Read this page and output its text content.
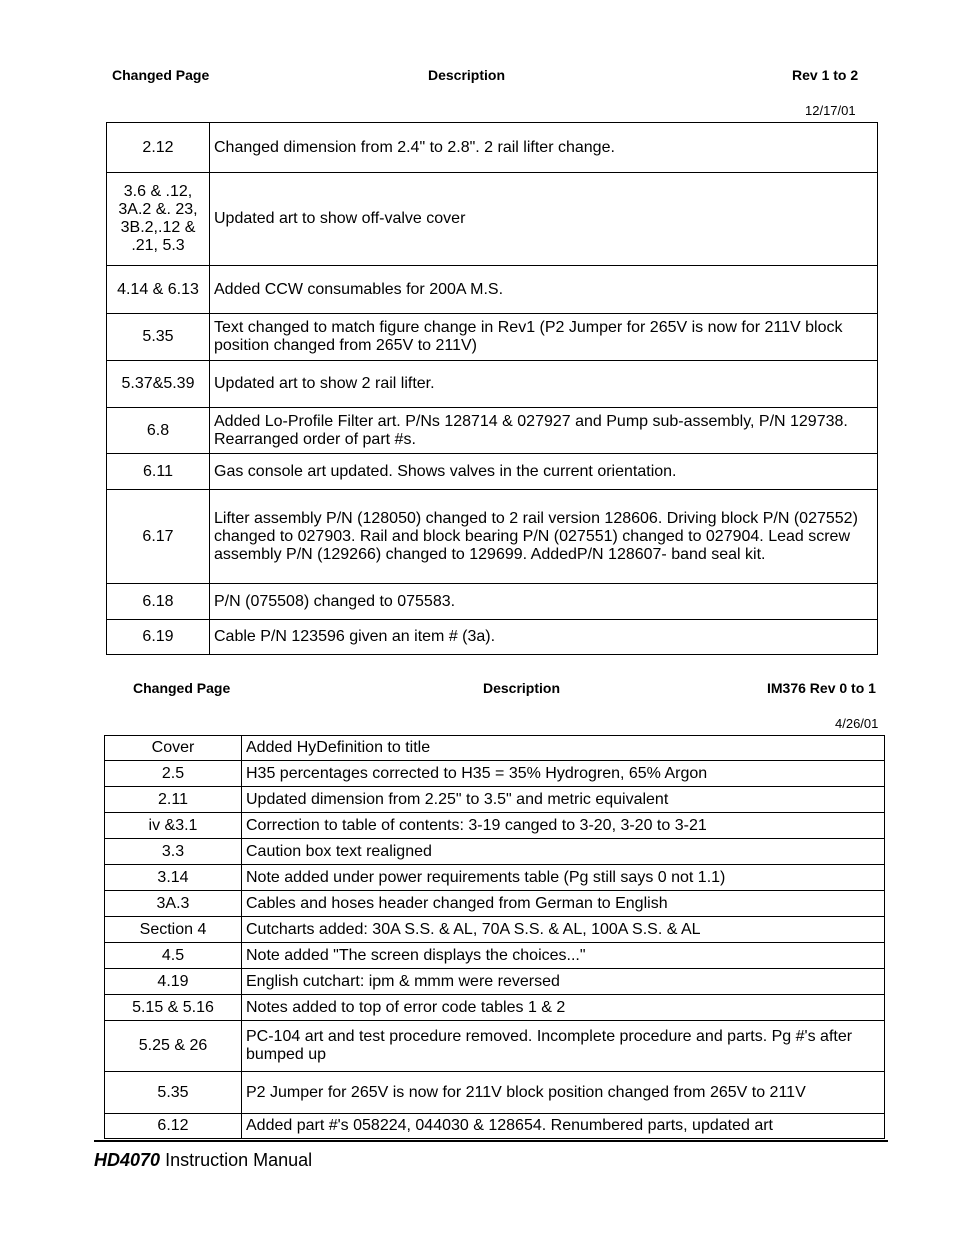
Changed Page	Description	Rev 1 to 2
12/17/01
2.12	Changed dimension from 2.4" to 2.8". 2 rail lifter change.
3.6 & .12, 3A.2 &. 23, 3B.2,.12 & .21, 5.3	Updated art to show off-valve cover
4.14 & 6.13	Added CCW consumables for 200A M.S.
5.35	Text changed to match figure change in Rev1 (P2 Jumper for 265V is now for 211V block position changed from 265V to 211V)
5.37&5.39	Updated art to show 2 rail lifter.
6.8	Added Lo-Profile Filter art. P/Ns 128714 & 027927 and Pump sub-assembly, P/N 129738. Rearranged order of part #s.
6.11	Gas console art updated. Shows valves in the current orientation.
6.17	Lifter assembly P/N (128050) changed to 2 rail version 128606. Driving block P/N (027552) changed to 027903. Rail and block bearing P/N (027551) changed to 027904. Lead screw assembly P/N (129266) changed to 129699. AddedP/N 128607- band seal kit.
6.18	P/N (075508) changed to 075583.
6.19	Cable P/N 123596 given an item # (3a).
Changed Page	Description	IM376 Rev 0 to 1
4/26/01
Cover	Added HyDefinition to title
2.5	H35 percentages corrected to H35 = 35% Hydrogren, 65% Argon
2.11	Updated dimension from 2.25" to 3.5" and metric equivalent
iv &3.1	Correction to table of contents: 3-19 canged to 3-20, 3-20 to 3-21
3.3	Caution box text realigned
3.14	Note added under power requirements table (Pg still says 0 not 1.1)
3A.3	Cables and hoses header changed from German to English
Section 4	Cutcharts added: 30A S.S. & AL, 70A S.S. & AL, 100A S.S. & AL
4.5	Note added "The screen displays the choices..."
4.19	English cutchart: ipm & mmm were reversed
5.15 & 5.16	Notes added to top of error code tables 1 & 2
5.25 & 26	PC-104 art and test procedure removed. Incomplete procedure and parts. Pg #'s after bumped up
5.35	P2 Jumper for 265V is now for 211V block position changed from 265V to 211V
6.12	Added part #'s 058224, 044030 & 128654. Renumbered parts, updated art
HD4070 Instruction Manual
